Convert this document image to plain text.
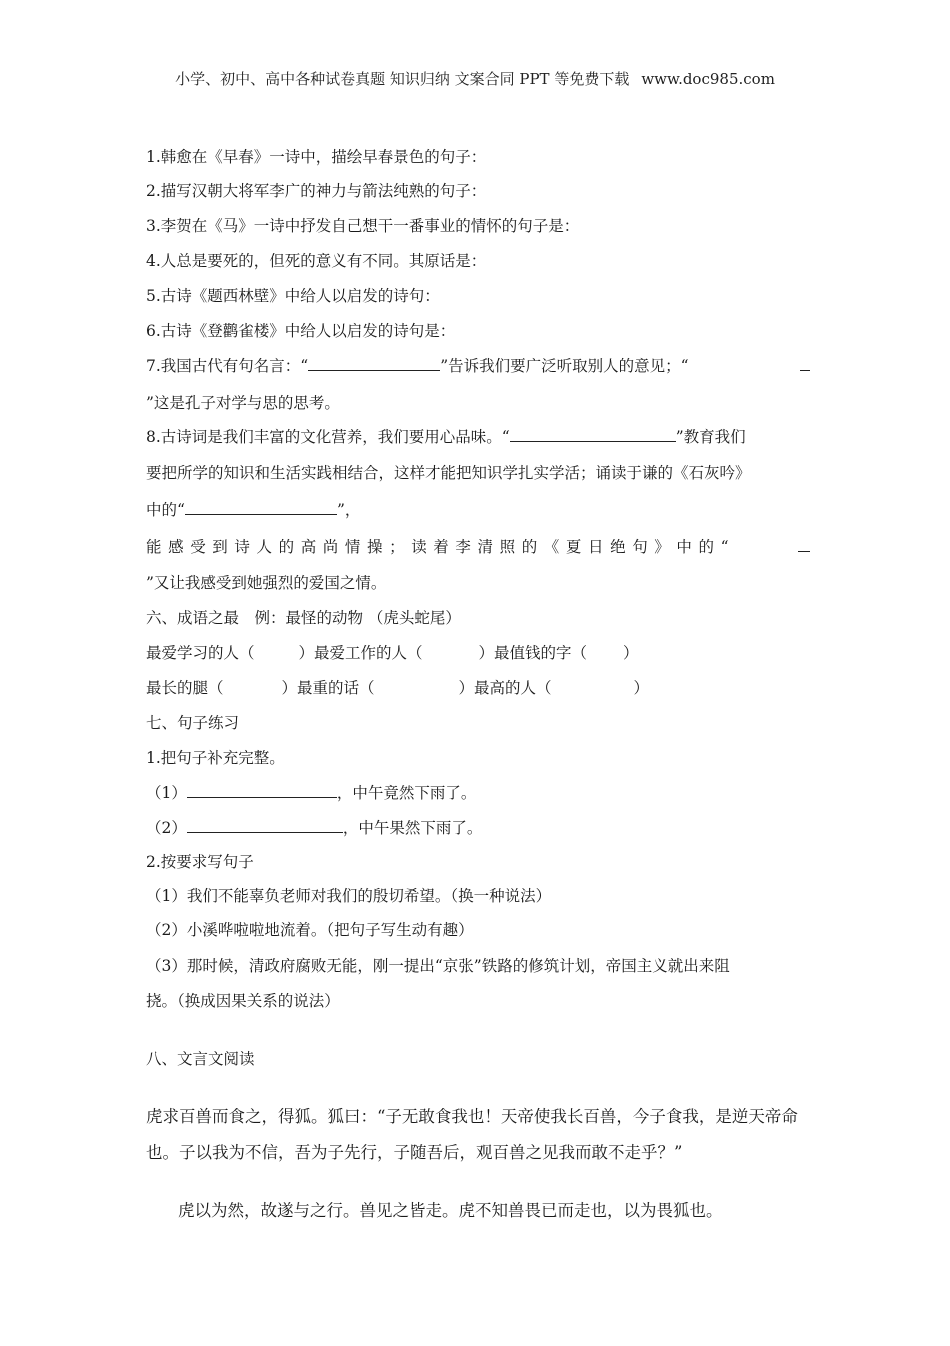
小学、初中、高中各种试卷真题 知识归纳 文案合同 PPT 等免费下载 www.doc985.com
1.韩愈在《早春》一诗中，描绘早春景色的句子：
2.描写汉朝大将军李广的神力与箭法纯熟的句子：
3.李贺在《马》一诗中抒发自己想干一番事业的情怀的句子是：
4.人总是要死的，但死的意义有不同。其原话是：
5.古诗《题西林壁》中给人以启发的诗句：
6.古诗《登鹳雀楼》中给人以启发的诗句是：
7.我国古代有句名言：“	”告诉我们要广泛听取别人的意见；“
”这是孔子对学与思的思考。
8.古诗词是我们丰富的文化营养，我们要用心品味。“	”教育我们
要把所学的知识和生活实践相结合，这样才能把知识学扎实学活；诵读于谦的《石灰吟》
中的“	”，
能感受到诗人的高尚情操；读着李清照的《夏日绝句》中的“
”又让我感受到她强烈的爱国之情。
六、成语之最　例：最怪的动物 （虎头蛇尾）
最爱学习的人（	）最爱工作的人（	）最值钱的字（ ）
最长的腿（	）最重的话（	）最高的人（	）
七、句子练习
1.把句子补充完整。
（1）	，中午竟然下雨了。
（2）	，中午果然下雨了。
2.按要求写句子
（1）我们不能辜负老师对我们的殷切希望。（换一种说法）
（2）小溪哗啦啦地流着。（把句子写生动有趣）
（3）那时候，清政府腐败无能，刚一提出“京张”铁路的修筑计划，帝国主义就出来阻
挠。（换成因果关系的说法）
八、文言文阅读
虎求百兽而食之，得狐。狐曰：“子无敢食我也！天帝使我长百兽，今子食我，是逆天帝命也。子以我为不信，吾为子先行，子随吾后，观百兽之见我而敢不走乎？”
虎以为然，故遂与之行。兽见之皆走。虎不知兽畏已而走也，以为畏狐也。
